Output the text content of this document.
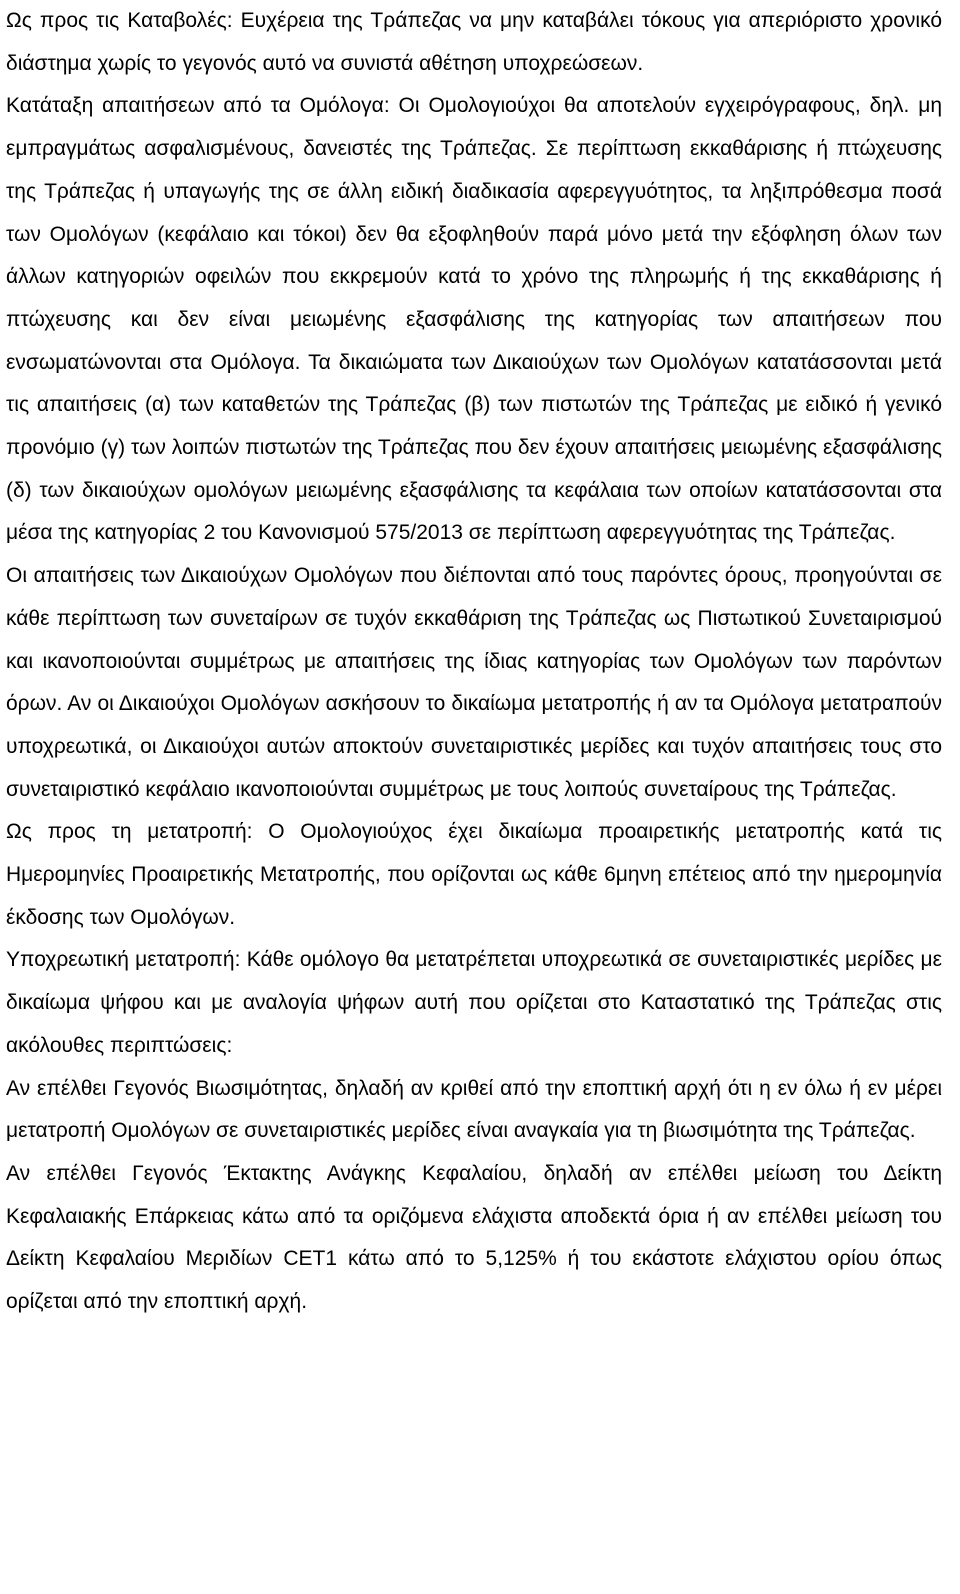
Ως προς τις Καταβολές: Ευχέρεια της Τράπεζας να μην καταβάλει τόκους για απεριόριστο χρονικό διάστημα χωρίς το γεγονός αυτό να συνιστά αθέτηση υποχρεώσεων.

Κατάταξη απαιτήσεων από τα Ομόλογα: Οι Ομολογιούχοι θα αποτελούν εγχειρόγραφους, δηλ. μη εμπραγμάτως ασφαλισμένους, δανειστές της Τράπεζας. Σε περίπτωση εκκαθάρισης ή πτώχευσης της Τράπεζας ή υπαγωγής της σε άλλη ειδική διαδικασία αφερεγγυότητος, τα ληξιπρόθεσμα ποσά των Ομολόγων (κεφάλαιο και τόκοι) δεν θα εξοφληθούν παρά μόνο μετά την εξόφληση όλων των άλλων κατηγοριών οφειλών που εκκρεμούν κατά το χρόνο της πληρωμής ή της εκκαθάρισης ή πτώχευσης και δεν είναι μειωμένης εξασφάλισης της κατηγορίας των απαιτήσεων που ενσωματώνονται στα Ομόλογα. Τα δικαιώματα των Δικαιούχων των Ομολόγων κατατάσσονται μετά τις απαιτήσεις (α) των καταθετών της Τράπεζας (β) των πιστωτών της Τράπεζας με ειδικό ή γενικό προνόμιο (γ) των λοιπών πιστωτών της Τράπεζας που δεν έχουν απαιτήσεις μειωμένης εξασφάλισης (δ) των δικαιούχων ομολόγων μειωμένης εξασφάλισης τα κεφάλαια των οποίων κατατάσσονται στα μέσα της κατηγορίας 2 του Κανονισμού 575/2013 σε περίπτωση αφερεγγυότητας της Τράπεζας.

Οι απαιτήσεις των Δικαιούχων Ομολόγων που διέπονται από τους παρόντες όρους, προηγούνται σε κάθε περίπτωση των συνεταίρων σε τυχόν εκκαθάριση της Τράπεζας ως Πιστωτικού Συνεταιρισμού και ικανοποιούνται συμμέτρως με απαιτήσεις της ίδιας κατηγορίας των Ομολόγων των παρόντων όρων. Αν οι Δικαιούχοι Ομολόγων ασκήσουν το δικαίωμα μετατροπής ή αν τα Ομόλογα μετατραπούν υποχρεωτικά, οι Δικαιούχοι αυτών αποκτούν συνεταιριστικές μερίδες και τυχόν απαιτήσεις τους στο συνεταιριστικό κεφάλαιο ικανοποιούνται συμμέτρως με τους λοιπούς συνεταίρους της Τράπεζας.

Ως προς τη μετατροπή: Ο Ομολογιούχος έχει δικαίωμα προαιρετικής μετατροπής κατά τις Ημερομηνίες Προαιρετικής Μετατροπής, που ορίζονται ως κάθε 6μηνη επέτειος από την ημερομηνία έκδοσης των Ομολόγων.

Υποχρεωτική μετατροπή: Κάθε ομόλογο θα μετατρέπεται υποχρεωτικά σε συνεταιριστικές μερίδες με δικαίωμα ψήφου και με αναλογία ψήφων αυτή που ορίζεται στο Καταστατικό της Τράπεζας στις ακόλουθες περιπτώσεις:

Αν επέλθει Γεγονός Βιωσιμότητας, δηλαδή αν κριθεί από την εποπτική αρχή ότι η εν όλω ή εν μέρει μετατροπή Ομολόγων σε συνεταιριστικές μερίδες είναι αναγκαία για τη βιωσιμότητα της Τράπεζας.

Αν επέλθει Γεγονός Έκτακτης Ανάγκης Κεφαλαίου, δηλαδή αν επέλθει μείωση του Δείκτη Κεφαλαιακής Επάρκειας κάτω από τα οριζόμενα ελάχιστα αποδεκτά όρια ή αν επέλθει μείωση του Δείκτη Κεφαλαίου Μεριδίων CET1 κάτω από το 5,125% ή του εκάστοτε ελάχιστου ορίου όπως ορίζεται από την εποπτική αρχή.
